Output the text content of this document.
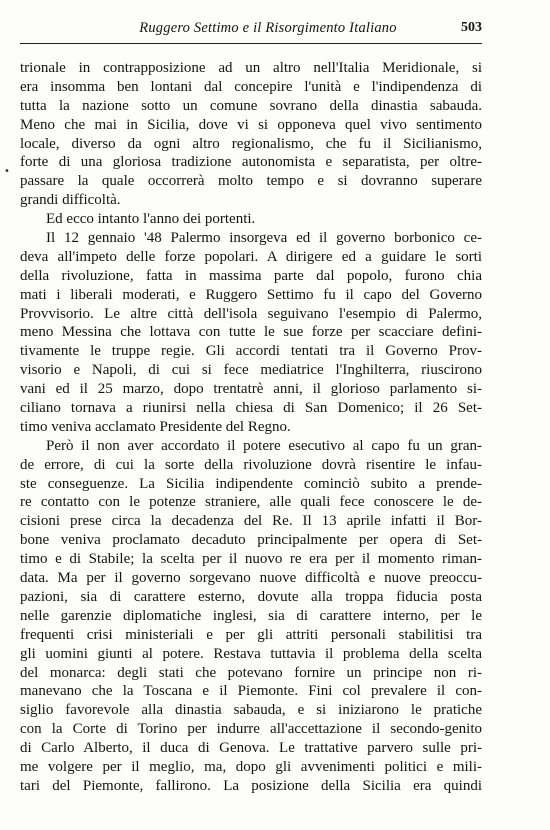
Ruggero Settimo e il Risorgimento Italiano	503
•
trionale in contrapposizione ad un altro nell'Italia Meridionale, si
era insomma ben lontani dal concepire l'unità e l'indipendenza di
tutta la nazione sotto un comune sovrano della dinastia sabauda.
Meno che mai in Sicilia, dove vi si opponeva quel vivo sentimento
locale, diverso da ogni altro regionalismo, che fu il Sicilianismo,
forte di una gloriosa tradizione autonomista e separatista, per oltre-
passare la quale occorrerà molto tempo e si dovranno superare
grandi difficoltà.
Ed ecco intanto l'anno dei portenti.
Il 12 gennaio '48 Palermo insorgeva ed il governo borbonico ce-
deva all'impeto delle forze popolari. A dirigere ed a guidare le sorti
della rivoluzione, fatta in massima parte dal popolo, furono chia
mati i liberali moderati, e Ruggero Settimo fu il capo del Governo
Provvisorio. Le altre città dell'isola seguivano l'esempio di Palermo,
meno Messina che lottava con tutte le sue forze per scacciare defini-
tivamente le truppe regie. Gli accordi tentati tra il Governo Prov-
visorio e Napoli, di cui si fece mediatrice l'Inghilterra, riuscirono
vani ed il 25 marzo, dopo trentatrè anni, il glorioso parlamento si-
ciliano tornava a riunirsi nella chiesa di San Domenico; il 26 Set-
timo veniva acclamato Presidente del Regno.
Però il non aver accordato il potere esecutivo al capo fu un gran-
de errore, di cui la sorte della rivoluzione dovrà risentire le infau-
ste conseguenze. La Sicilia indipendente cominciò subito a prende-
re contatto con le potenze straniere, alle quali fece conoscere le de-
cisioni prese circa la decadenza del Re. Il 13 aprile infatti il Bor-
bone veniva proclamato decaduto principalmente per opera di Set-
timo e di Stabile; la scelta per il nuovo re era per il momento riman-
data. Ma per il governo sorgevano nuove difficoltà e nuove preoccu-
pazioni, sia di carattere esterno, dovute alla troppa fiducia posta
nelle garenzie diplomatiche inglesi, sia di carattere interno, per le
frequenti crisi ministeriali e per gli attriti personali stabilitisi tra
gli uomini giunti al potere. Restava tuttavia il problema della scelta
del monarca: degli stati che potevano fornire un principe non ri-
manevano che la Toscana e il Piemonte. Fini col prevalere il con-
siglio favorevole alla dinastia sabauda, e si iniziarono le pratiche
con la Corte di Torino per indurre all'accettazione il secondo-genito
di Carlo Alberto, il duca di Genova. Le trattative parvero sulle pri-
me volgere per il meglio, ma, dopo gli avvenimenti politici e mili-
tari del Piemonte, fallirono. La posizione della Sicilia era quindi
